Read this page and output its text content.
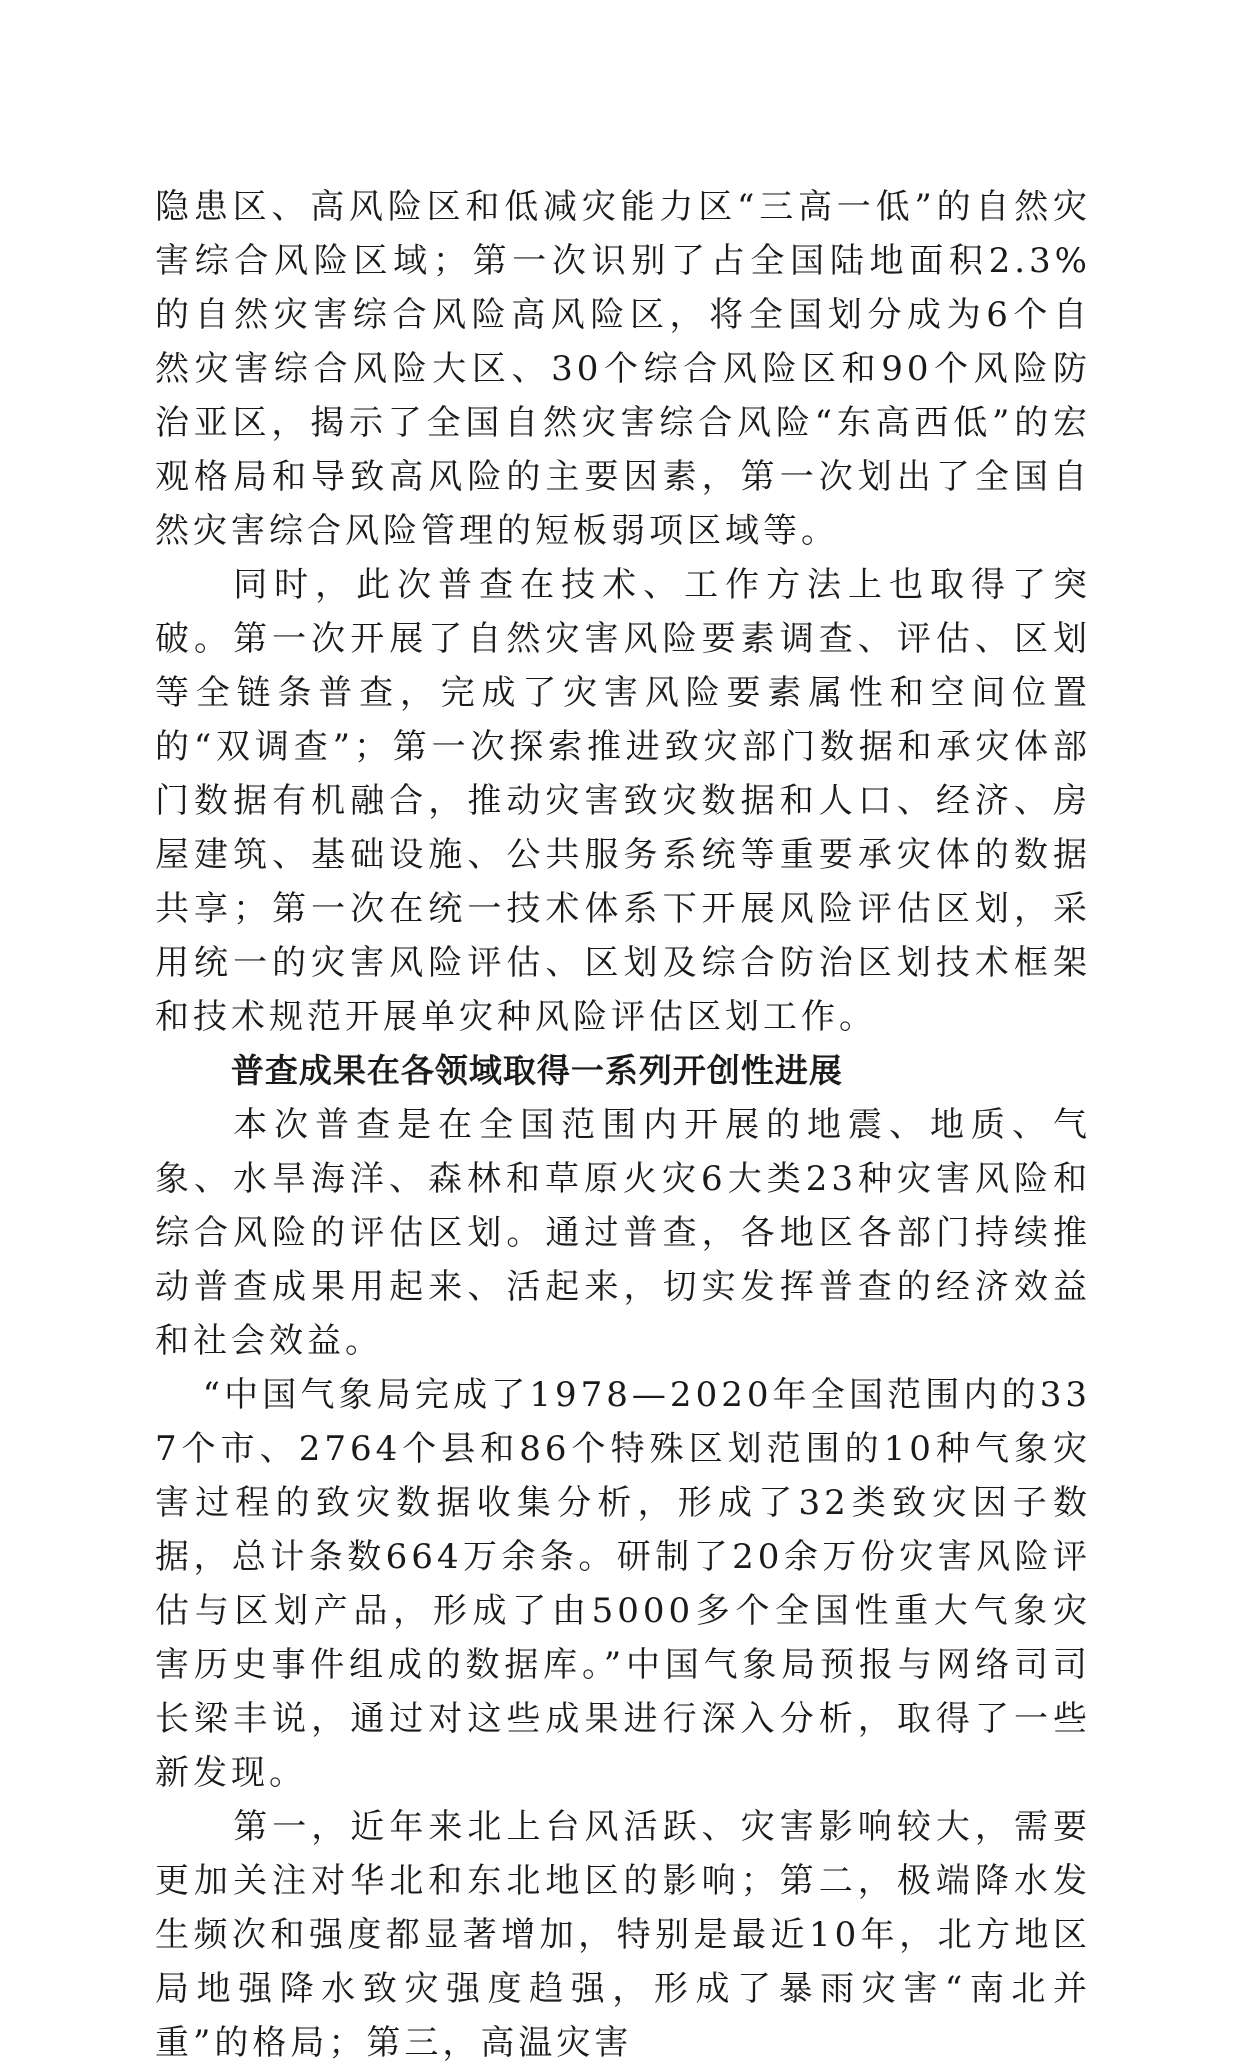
隐患区、高风险区和低减灾能力区“三高一低”的自然灾害综合风险区域；第一次识别了占全国陆地面积2.3%的自然灾害综合风险高风险区，将全国划分成为6个自然灾害综合风险大区、30个综合风险区和90个风险防治亚区，揭示了全国自然灾害综合风险“东高西低”的宏观格局和导致高风险的主要因素，第一次划出了全国自然灾害综合风险管理的短板弱项区域等。

同时，此次普查在技术、工作方法上也取得了突破。第一次开展了自然灾害风险要素调查、评估、区划等全链条普查，完成了灾害风险要素属性和空间位置的“双调查”；第一次探索推进致灾部门数据和承灾体部门数据有机融合，推动灾害致灾数据和人口、经济、房屋建筑、基础设施、公共服务系统等重要承灾体的数据共享；第一次在统一技术体系下开展风险评估区划，采用统一的灾害风险评估、区划及综合防治区划技术框架和技术规范开展单灾种风险评估区划工作。

普查成果在各领域取得一系列开创性进展

本次普查是在全国范围内开展的地震、地质、气象、水旱海洋、森林和草原火灾6大类23种灾害风险和综合风险的评估区划。通过普查，各地区各部门持续推动普查成果用起来、活起来，切实发挥普查的经济效益和社会效益。

“中国气象局完成了1978—2020年全国范围内的337个市、2764个县和86个特殊区划范围的10种气象灾害过程的致灾数据收集分析，形成了32类致灾因子数据，总计条数664万余条。研制了20余万份灾害风险评估与区划产品，形成了由5000多个全国性重大气象灾害历史事件组成的数据库。”中国气象局预报与网络司司长梁丰说，通过对这些成果进行深入分析，取得了一些新发现。

第一，近年来北上台风活跃、灾害影响较大，需要更加关注对华北和东北地区的影响；第二，极端降水发生频次和强度都显著增加，特别是最近10年，北方地区局地强降水致灾强度趋强，形成了暴雨灾害“南北并重”的格局；第三，高温灾害
